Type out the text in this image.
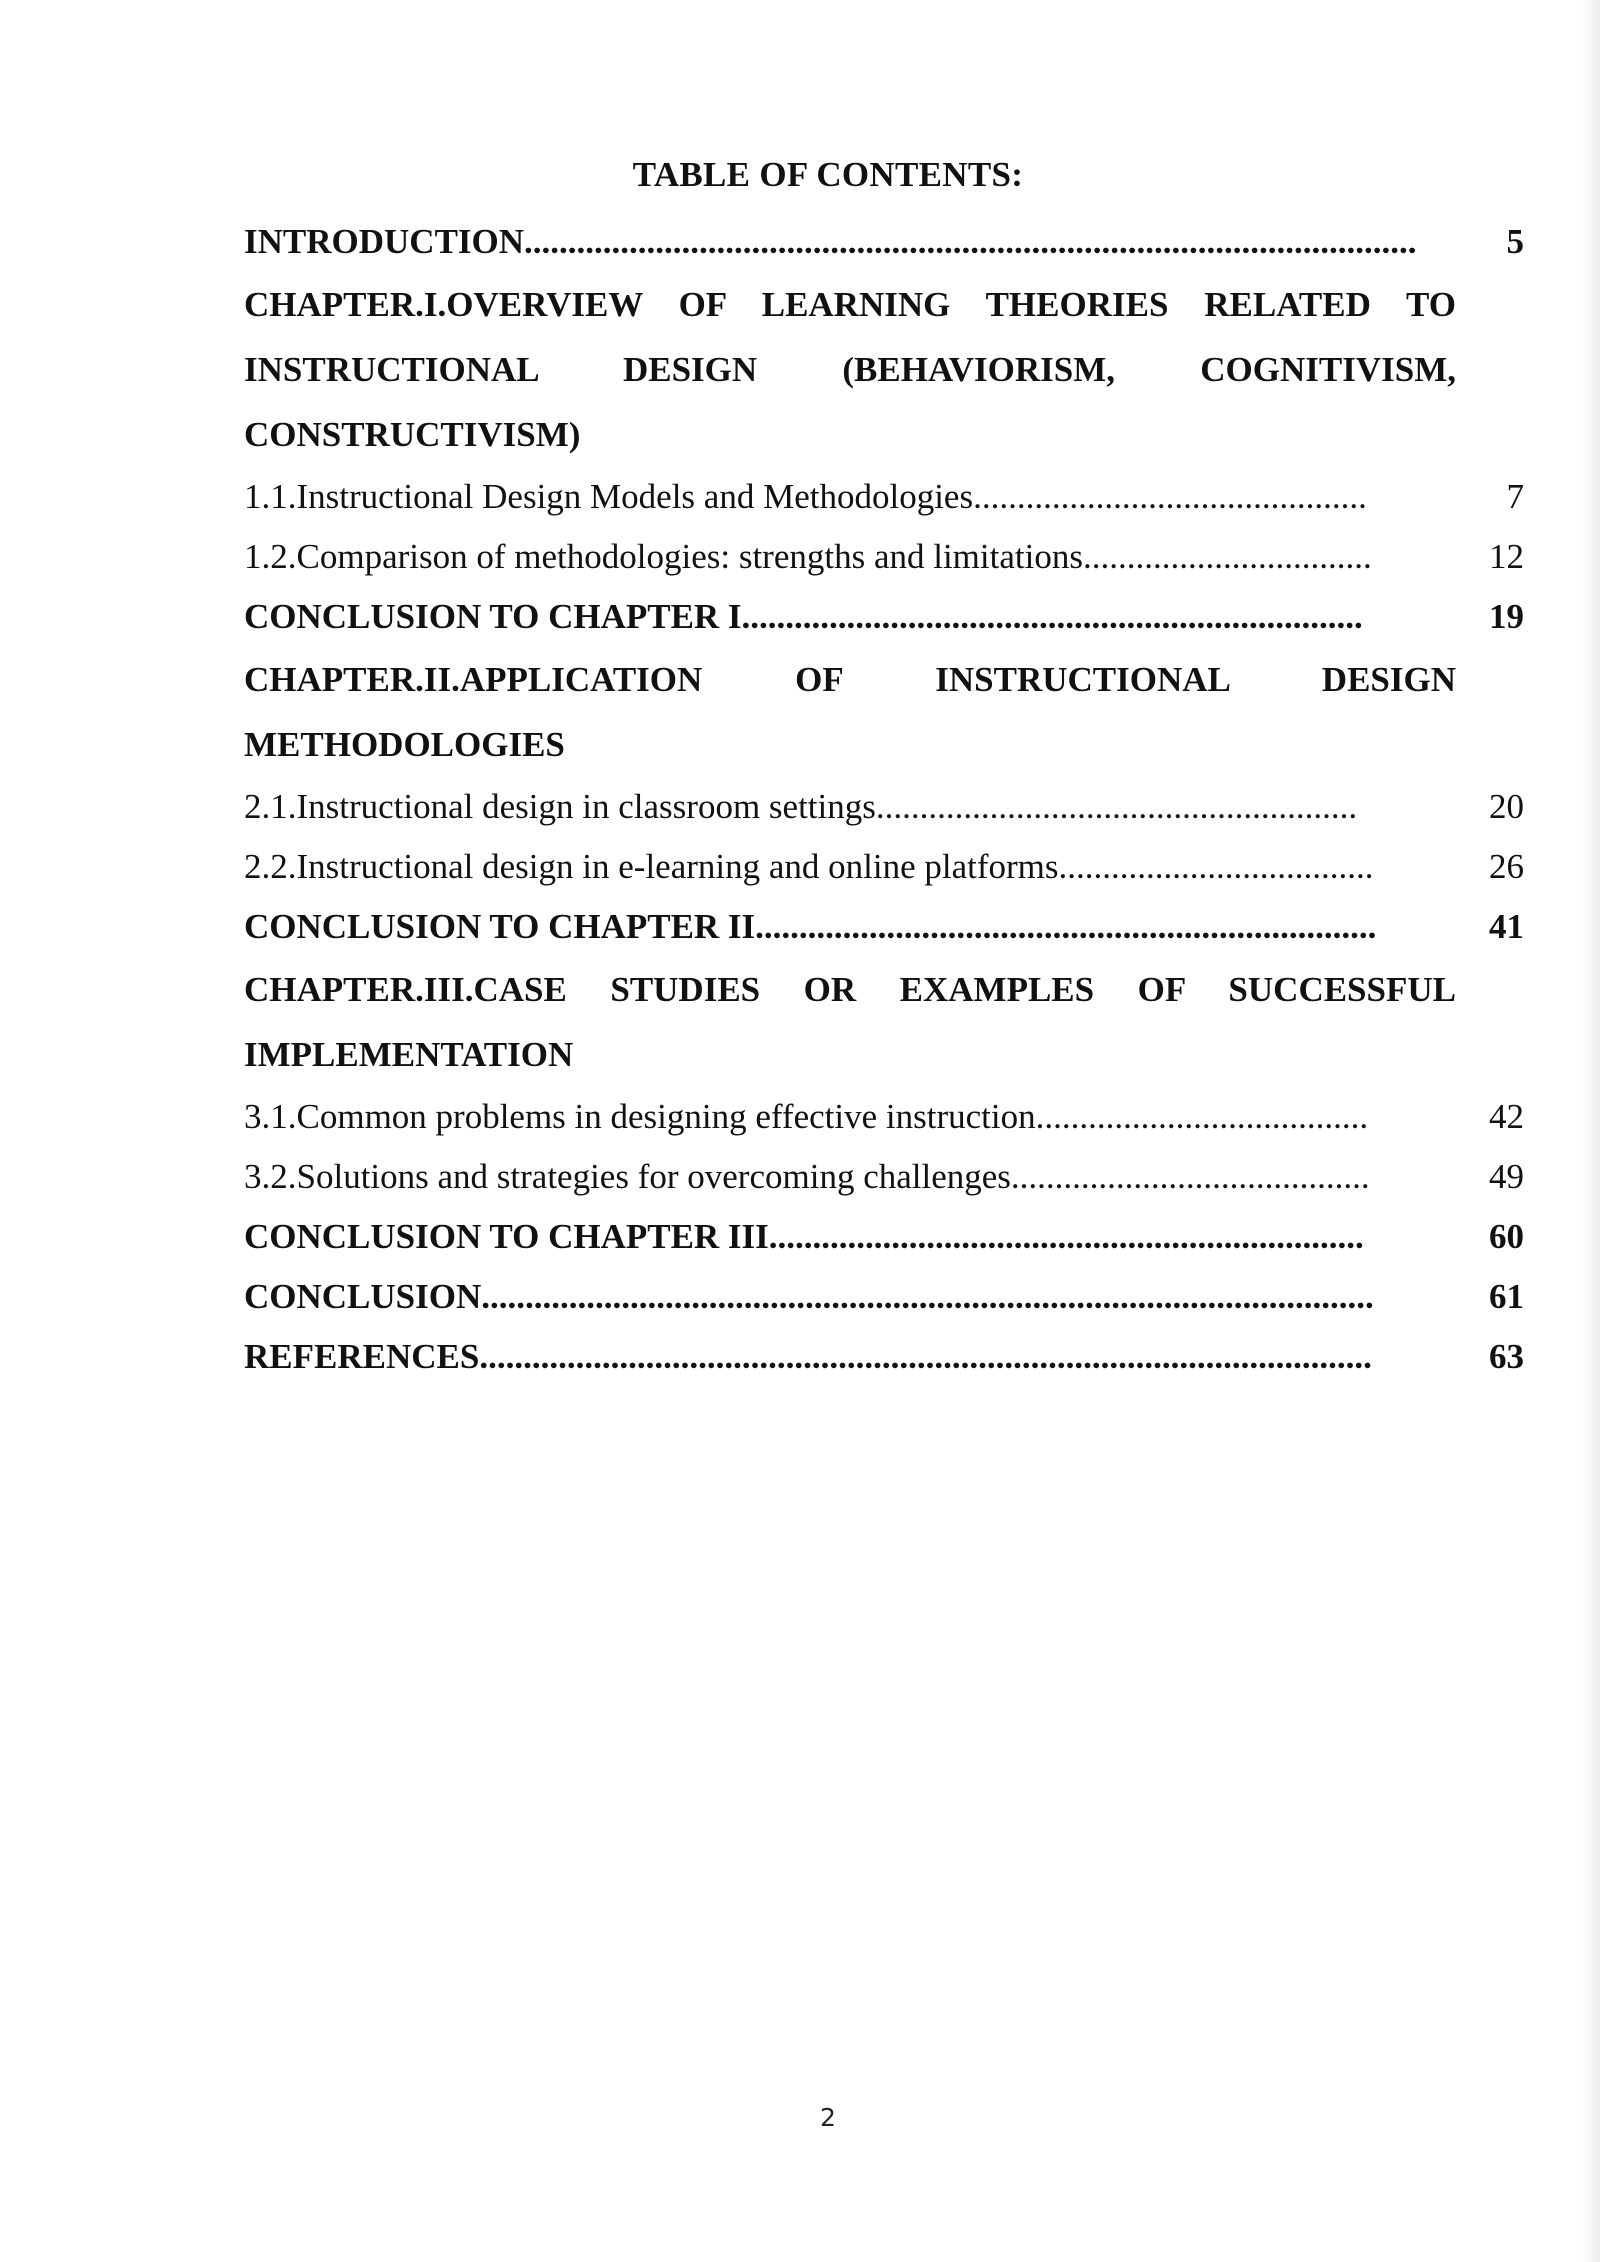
TABLE OF CONTENTS:
INTRODUCTION......................................................................................................	5
CHAPTER.I.OVERVIEW OF LEARNING THEORIES RELATED TO INSTRUCTIONAL DESIGN (BEHAVIORISM, COGNITIVISM, CONSTRUCTIVISM)
1.1.Instructional Design Models and Methodologies.............................................	7
1.2.Comparison of methodologies: strengths and limitations.................................	12
CONCLUSION TO CHAPTER I.......................................................................	19
CHAPTER.II.APPLICATION OF INSTRUCTIONAL DESIGN METHODOLOGIES
2.1.Instructional design in classroom settings.......................................................	20
2.2.Instructional design in e-learning and online platforms....................................	26
CONCLUSION TO CHAPTER II.......................................................................	41
CHAPTER.III.CASE STUDIES OR EXAMPLES OF SUCCESSFUL IMPLEMENTATION
3.1.Common problems in designing effective instruction......................................	42
3.2.Solutions and strategies for overcoming challenges.........................................	49
CONCLUSION TO CHAPTER III....................................................................	60
CONCLUSION......................................................................................................	61
REFERENCES......................................................................................................	63
2
